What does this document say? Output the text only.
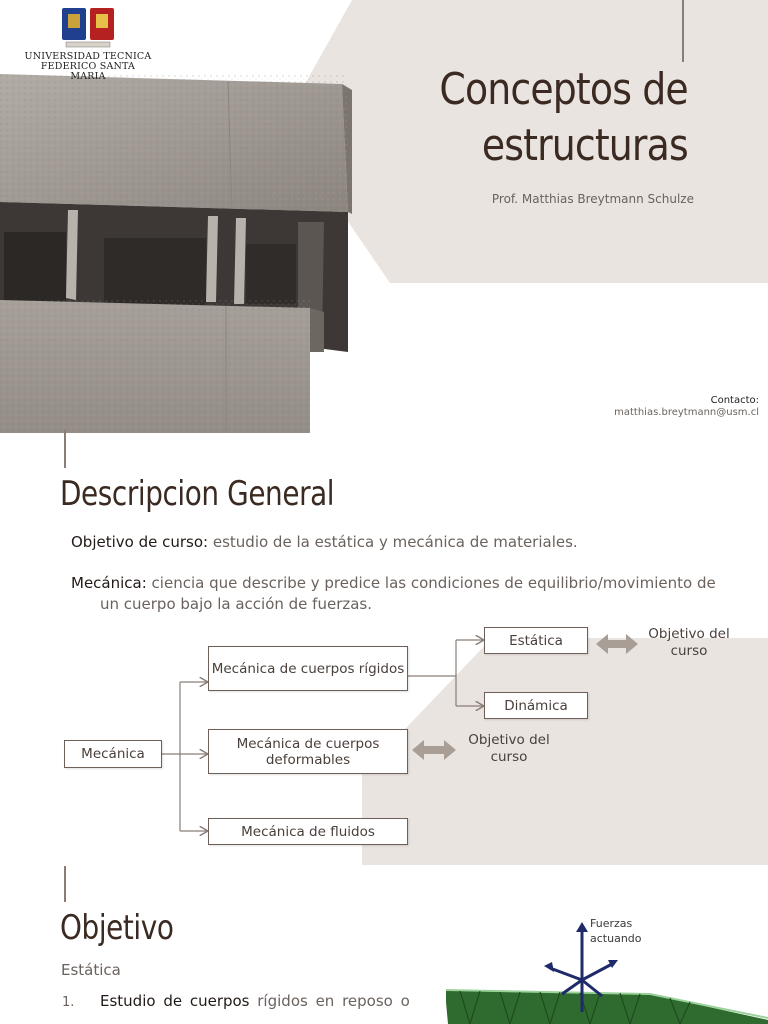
UNIVERSIDAD TECNICA
FEDERICO SANTA MARIA	Conceptos de
estructuras
Prof. Matthias Breytmann Schulze
Contacto:
matthias.breytmann@usm.cl
Descripcion General
Objetivo de curso: estudio de la estática y mecánica de materiales.
Mecánica: ciencia que describe y predice las condiciones de equilibrio/movimiento de
un cuerpo bajo la acción de fuerzas.
Mecánica
Mecánica de cuerpos rígidos
Mecánica de cuerpos deformables
Mecánica de fluidos
Estática
Dinámica
Objetivo del
curso
Objetivo del
curso
Objetivo
Estática
1. Estudio de cuerpos rígidos en reposo o
Fuerzas
actuando
